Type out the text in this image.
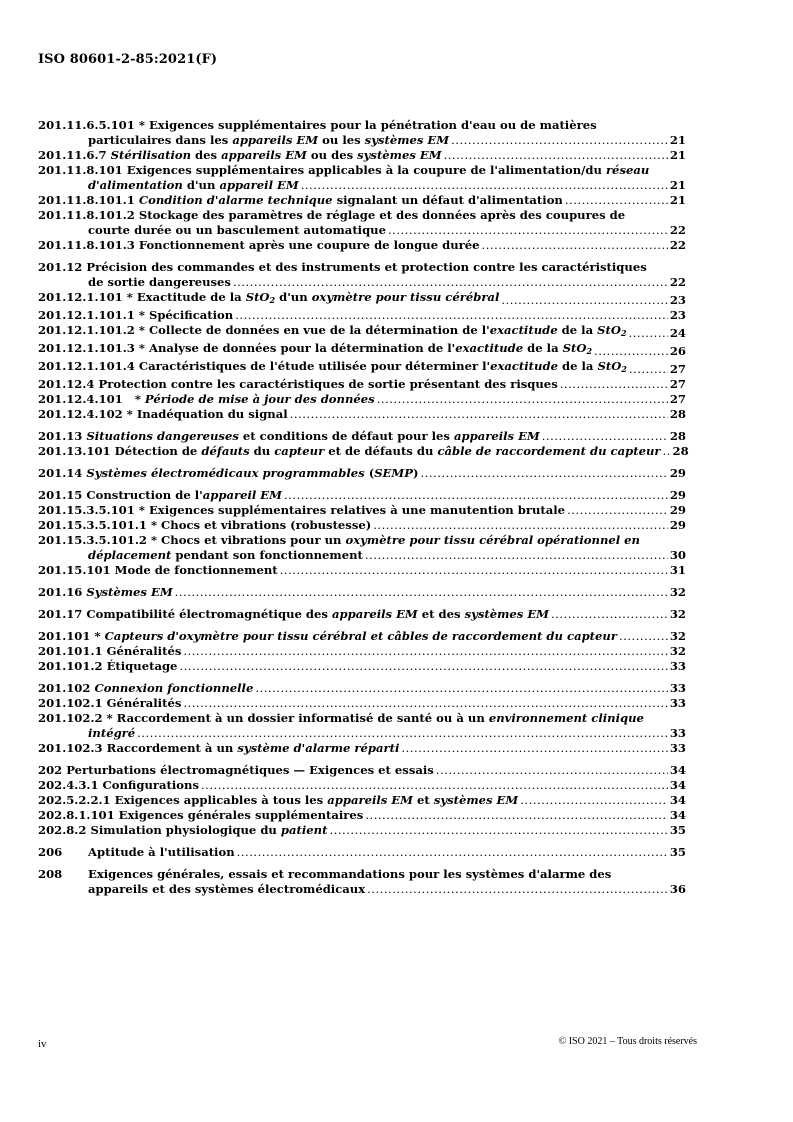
ISO 80601-2-85:2021(F)
201.11.6.5.101 * Exigences supplémentaires pour la pénétration d'eau ou de matières
particulaires dans les appareils EM ou les systèmes EM .....	21
201.11.6.7 Stérilisation des appareils EM ou des systèmes EM .....	21
201.11.8.101 Exigences supplémentaires applicables à la coupure de l'alimentation/du réseau
d'alimentation d'un appareil EM .....	21
201.11.8.101.1 Condition d'alarme technique signalant un défaut d'alimentation .....	21
201.11.8.101.2 Stockage des paramètres de réglage et des données après des coupures de
courte durée ou un basculement automatique .....	22
201.11.8.101.3 Fonctionnement après une coupure de longue durée .....	22
201.12 Précision des commandes et des instruments et protection contre les caractéristiques
de sortie dangereuses .....	22
201.12.1.101 * Exactitude de la StO$_2$ d'un oxymètre pour tissu cérébral .....	23
201.12.1.101.1 * Spécification .....	23
201.12.1.101.2 * Collecte de données en vue de la détermination de l'exactitude de la StO$_2$ .....	24
201.12.1.101.3 * Analyse de données pour la détermination de l'exactitude de la StO$_2$ .....	26
201.12.1.101.4 Caractéristiques de l'étude utilisée pour déterminer l'exactitude de la StO$_2$ .....	27
201.12.4 Protection contre les caractéristiques de sortie présentant des risques .....	27
201.12.4.101   * Période de mise à jour des données .....	27
201.12.4.102 * Inadéquation du signal .....	28
201.13 Situations dangereuses et conditions de défaut pour les appareils EM .....	28
201.13.101 Détection de défauts du capteur et de défauts du câble de raccordement du capteur ..... 28
201.14 Systèmes électromédicaux programmables (SEMP) .....	29
201.15 Construction de l'appareil EM .....	29
201.15.3.5.101 * Exigences supplémentaires relatives à une manutention brutale .....	29
201.15.3.5.101.1 * Chocs et vibrations (robustesse) .....	29
201.15.3.5.101.2 * Chocs et vibrations pour un oxymètre pour tissu cérébral opérationnel en
déplacement pendant son fonctionnement .....	30
201.15.101 Mode de fonctionnement .....	31
201.16 Systèmes EM .....	32
201.17 Compatibilité électromagnétique des appareils EM et des systèmes EM .....	32
201.101 * Capteurs d'oxymètre pour tissu cérébral et câbles de raccordement du capteur .....	32
201.101.1 Généralités .....	32
201.101.2 Étiquetage .....	33
201.102 Connexion fonctionnelle .....	33
201.102.1 Généralités .....	33
201.102.2 * Raccordement à un dossier informatisé de santé ou à un environnement clinique
intégré .....	33
201.102.3 Raccordement à un système d'alarme réparti .....	33
202 Perturbations électromagnétiques — Exigences et essais .....	34
202.4.3.1 Configurations .....	34
202.5.2.2.1 Exigences applicables à tous les appareils EM et systèmes EM .....	34
202.8.1.101 Exigences générales supplémentaires .....	34
202.8.2 Simulation physiologique du patient .....	35
206 Aptitude à l'utilisation .....	35
208 Exigences générales, essais et recommandations pour les systèmes d'alarme des
appareils et des systèmes électromédicaux .....	36
iv	© ISO 2021 – Tous droits réservés
